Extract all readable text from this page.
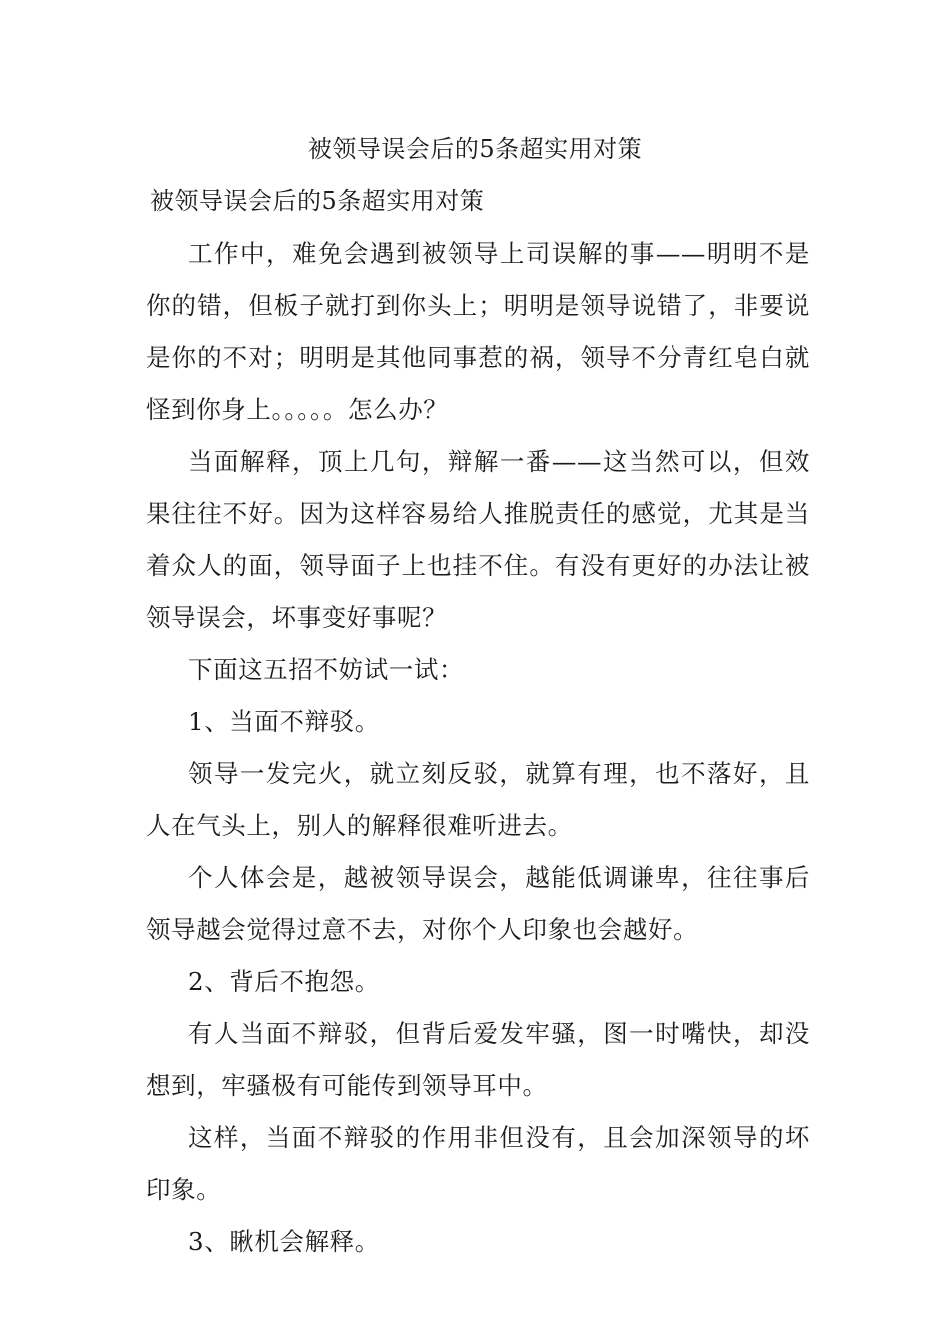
被领导误会后的5条超实用对策
被领导误会后的5条超实用对策

工作中，难免会遇到被领导上司误解的事——明明不是你的错，但板子就打到你头上；明明是领导说错了，非要说是你的不对；明明是其他同事惹的祸，领导不分青红皂白就怪到你身上。。。。。怎么办？

当面解释，顶上几句，辩解一番——这当然可以，但效果往往不好。因为这样容易给人推脱责任的感觉，尤其是当着众人的面，领导面子上也挂不住。有没有更好的办法让被领导误会，坏事变好事呢？

下面这五招不妨试一试：

1、当面不辩驳。

领导一发完火，就立刻反驳，就算有理，也不落好，且人在气头上，别人的解释很难听进去。

个人体会是，越被领导误会，越能低调谦卑，往往事后领导越会觉得过意不去，对你个人印象也会越好。

2、背后不抱怨。

有人当面不辩驳，但背后爱发牢骚，图一时嘴快，却没想到，牢骚极有可能传到领导耳中。

这样，当面不辩驳的作用非但没有，且会加深领导的坏印象。

3、瞅机会解释。
